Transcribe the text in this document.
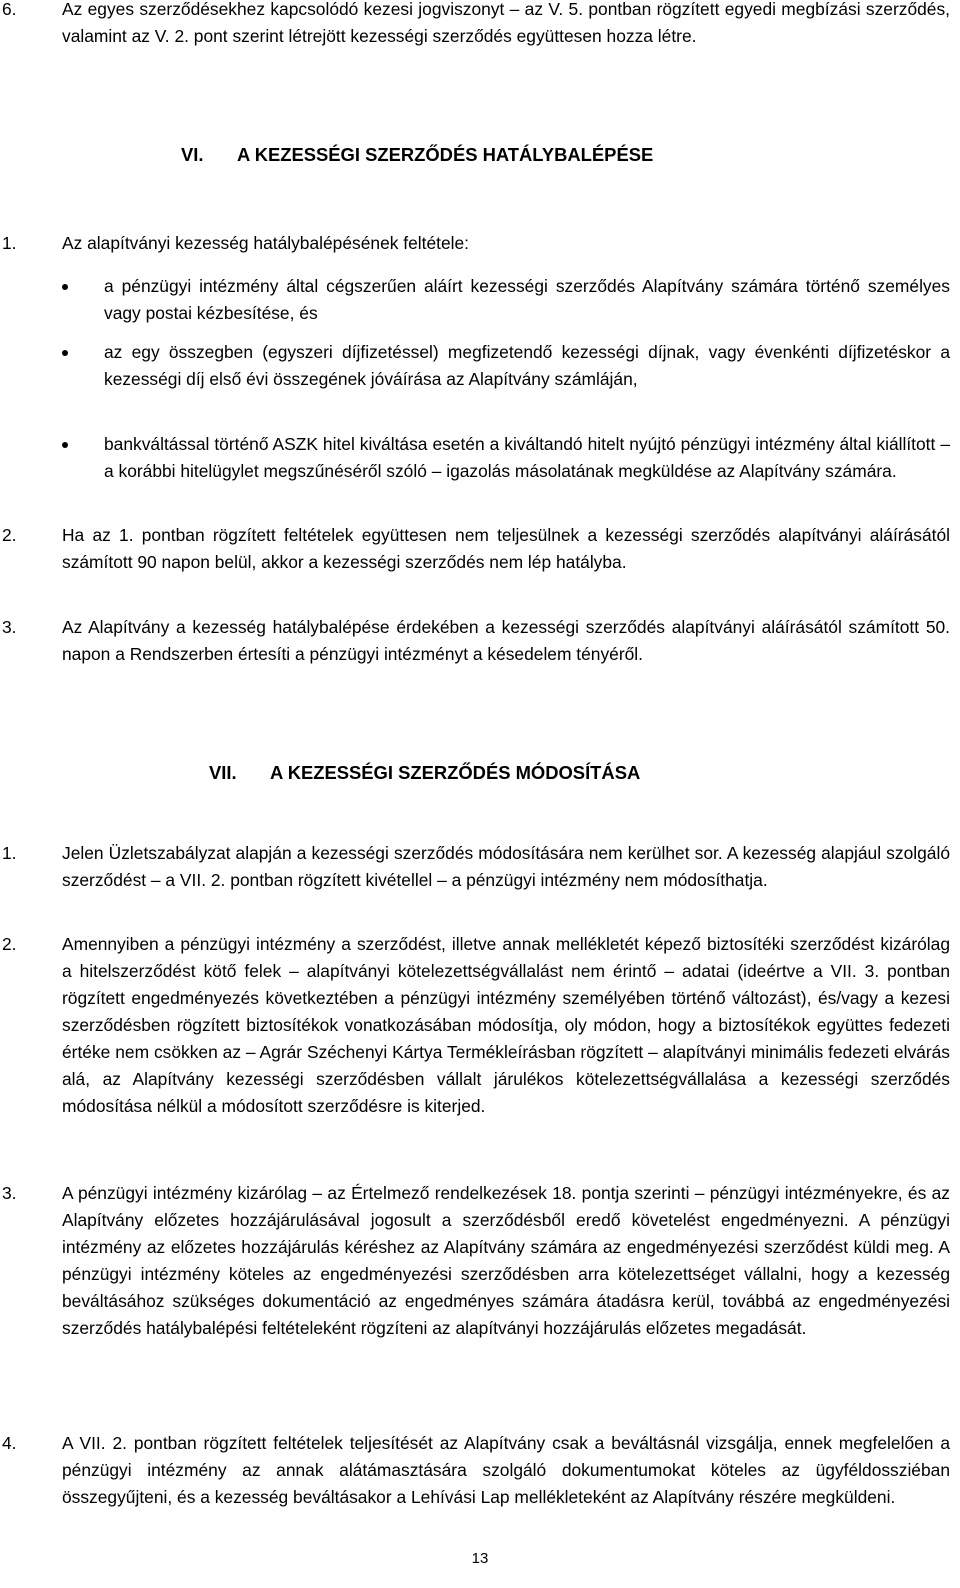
6.	Az egyes szerződésekhez kapcsolódó kezesi jogviszonyt – az V. 5. pontban rögzített egyedi megbízási szerződés, valamint az V. 2. pont szerint létrejött kezességi szerződés együttesen hozza létre.
VI. A KEZESSÉGI SZERZŐDÉS HATÁLYBALÉPÉSE
1.	Az alapítványi kezesség hatálybalépésének feltétele:
a pénzügyi intézmény által cégszerűen aláírt kezességi szerződés Alapítvány számára történő személyes vagy postai kézbesítése, és
az egy összegben (egyszeri díjfizetéssel) megfizetendő kezességi díjnak, vagy évenkénti díjfizetéskor a kezességi díj első évi összegének jóváírása az Alapítvány számláján,
bankváltással történő ASZK hitel kiváltása esetén a kiváltandó hitelt nyújtó pénzügyi intézmény által kiállított – a korábbi hitelügylet megszűnéséről szóló – igazolás másolatának megküldése az Alapítvány számára.
2.	Ha az 1. pontban rögzített feltételek együttesen nem teljesülnek a kezességi szerződés alapítványi aláírásától számított 90 napon belül, akkor a kezességi szerződés nem lép hatályba.
3.	Az Alapítvány a kezesség hatálybalépése érdekében a kezességi szerződés alapítványi aláírásától számított 50. napon a Rendszerben értesíti a pénzügyi intézményt a késedelem tényéről.
VII. A KEZESSÉGI SZERZŐDÉS MÓDOSÍTÁSA
1.	Jelen Üzletszabályzat alapján a kezességi szerződés módosítására nem kerülhet sor. A kezesség alapjául szolgáló szerződést – a VII. 2. pontban rögzített kivétellel – a pénzügyi intézmény nem módosíthatja.
2.	Amennyiben a pénzügyi intézmény a szerződést, illetve annak mellékletét képező biztosítéki szerződést kizárólag a hitelszerződést kötő felek – alapítványi kötelezettségvállalást nem érintő – adatai (ideértve a VII. 3. pontban rögzített engedményezés következtében a pénzügyi intézmény személyében történő változást), és/vagy a kezesi szerződésben rögzített biztosítékok vonatkozásában módosítja, oly módon, hogy a biztosítékok együttes fedezeti értéke nem csökken az – Agrár Széchenyi Kártya Termékleírásban rögzített – alapítványi minimális fedezeti elvárás alá, az Alapítvány kezességi szerződésben vállalt járulékos kötelezettségvállalása a kezességi szerződés módosítása nélkül a módosított szerződésre is kiterjed.
3.	A pénzügyi intézmény kizárólag – az Értelmező rendelkezések 18. pontja szerinti – pénzügyi intézményekre, és az Alapítvány előzetes hozzájárulásával jogosult a szerződésből eredő követelést engedményezni. A pénzügyi intézmény az előzetes hozzájárulás kéréshez az Alapítvány számára az engedményezési szerződést küldi meg. A pénzügyi intézmény köteles az engedményezési szerződésben arra kötelezettséget vállalni, hogy a kezesség beváltásához szükséges dokumentáció az engedményes számára átadásra kerül, továbbá az engedményezési szerződés hatálybalépési feltételeként rögzíteni az alapítványi hozzájárulás előzetes megadását.
4.	A VII. 2. pontban rögzített feltételek teljesítését az Alapítvány csak a beváltásnál vizsgálja, ennek megfelelően a pénzügyi intézmény az annak alátámasztására szolgáló dokumentumokat köteles az ügyféldossziéban összegyűjteni, és a kezesség beváltásakor a Lehívási Lap mellékleteként az Alapítvány részére megküldeni.
13
